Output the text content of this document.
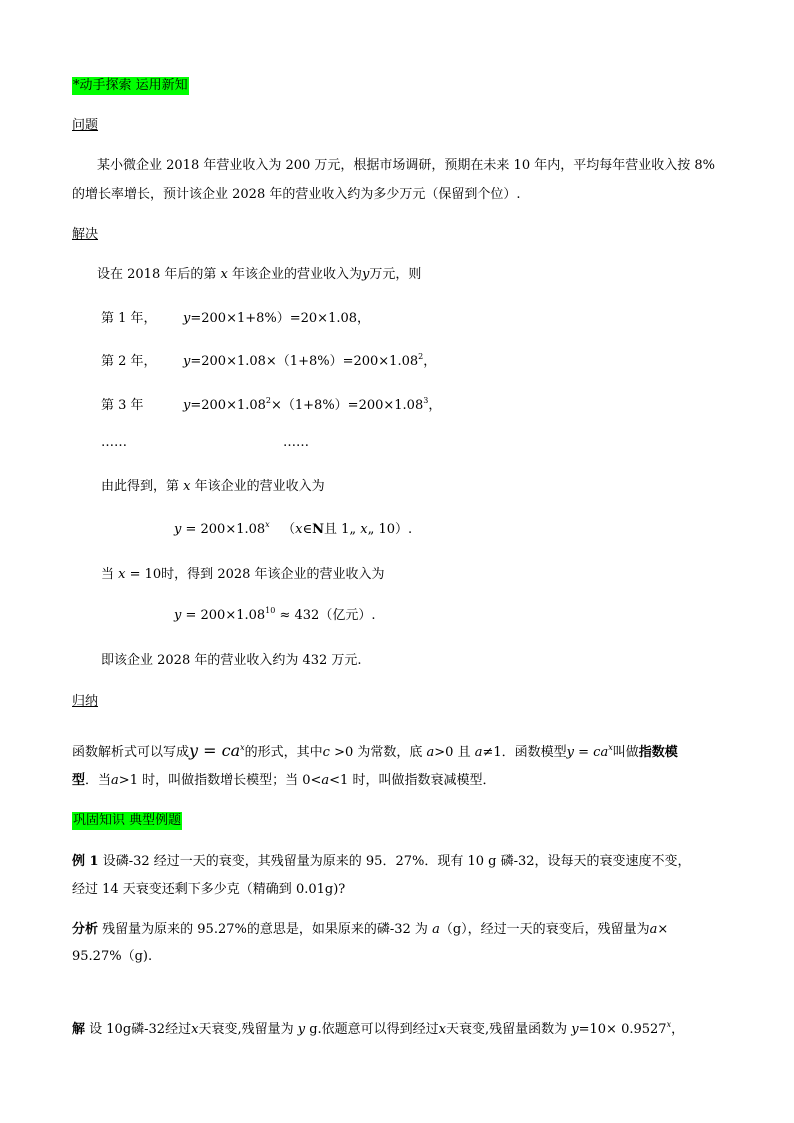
*动手探索 运用新知
问题
某小微企业 2018 年营业收入为 200 万元，根据市场调研，预期在未来 10 年内，平均每年营业收入按 8%
的增长率增长，预计该企业 2028 年的营业收入约为多少万元（保留到个位）.
解决
设在 2018 年后的第 x 年该企业的营业收入为y万元，则
第 1 年， y=200×1+8%）=20×1.08，
第 2 年， $y=200\times 1.08\times(1+8\%)=200\times 1.08^2$，
第 3 年	$y=200\times 1.08^2\times(1+8\%)=200\times 1.08^3$，
……	……
由此得到，第 x 年该企业的营业收入为
$y = 200\times 1.08^x$ （x∈N且 1„ x„ 10）.
当 x = 10时，得到 2028 年该企业的营业收入为
$y = 200\times 1.08^{10} \approx 432$（亿元）.
即该企业 2028 年的营业收入约为 432 万元.
归纳
函数解析式可以写成$y = ca^x$的形式，其中c >0 为常数，底 a>0 且 a≠1．函数模型$y = ca^x$叫做指数模
型．当a>1 时，叫做指数增长模型；当 0<a<1 时，叫做指数衰减模型．
巩固知识 典型例题
例 1 设磷-32 经过一天的衰变，其残留量为原来的 95．27%．现有 10 g 磷-32，设每天的衰变速度不变，
经过 14 天衰变还剩下多少克（精确到 0.01g)?
分析 残留量为原来的 95.27%的意思是，如果原来的磷-32 为 a（g），经过一天的衰变后，残留量为a×
95.27%（g).
解 设 10g磷-32经过x天衰变,残留量为 y g.依题意可以得到经过x天衰变,残留量函数为 $y=10\times 0.9527^x$，
